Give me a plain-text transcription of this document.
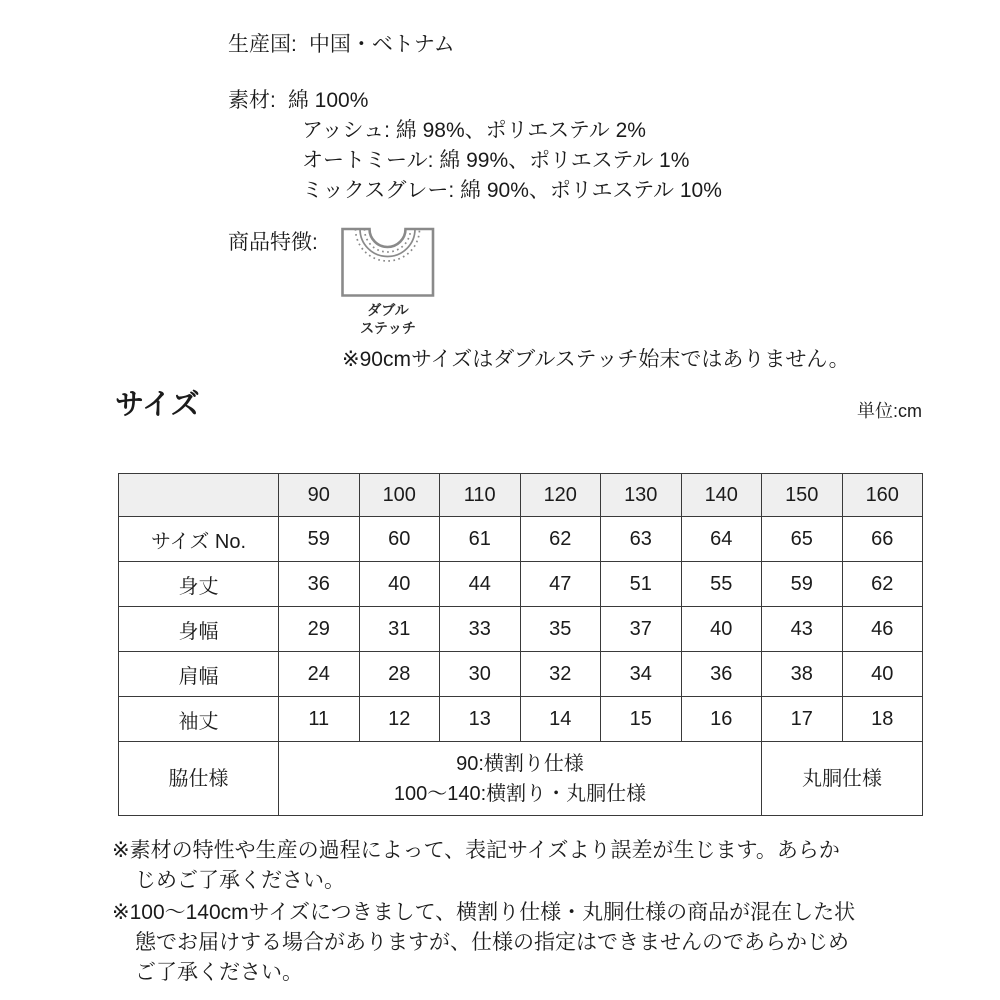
生産国: 中国・ベトナム
素材: 綿 100%
アッシュ: 綿 98%、ポリエステル 2%
オートミール: 綿 99%、ポリエステル 1%
ミックスグレー: 綿 90%、ポリエステル 10%
商品特徴:
ダブル
ステッチ
※90cmサイズはダブルステッチ始末ではありません。
サイズ	単位:cm
	90	100	110	120	130	140	150	160
サイズ No.	59	60	61	62	63	64	65	66
身丈	36	40	44	47	51	55	59	62
身幅	29	31	33	35	37	40	43	46
肩幅	24	28	30	32	34	36	38	40
袖丈	11	12	13	14	15	16	17	18
脇仕様	90:横割り仕様
100〜140:横割り・丸胴仕様						丸胴仕様	
※素材の特性や生産の過程によって、表記サイズより誤差が生じます。あらか
じめご了承ください。
※100〜140cmサイズにつきまして、横割り仕様・丸胴仕様の商品が混在した状
態でお届けする場合がありますが、仕様の指定はできませんのであらかじめ
ご了承ください。
